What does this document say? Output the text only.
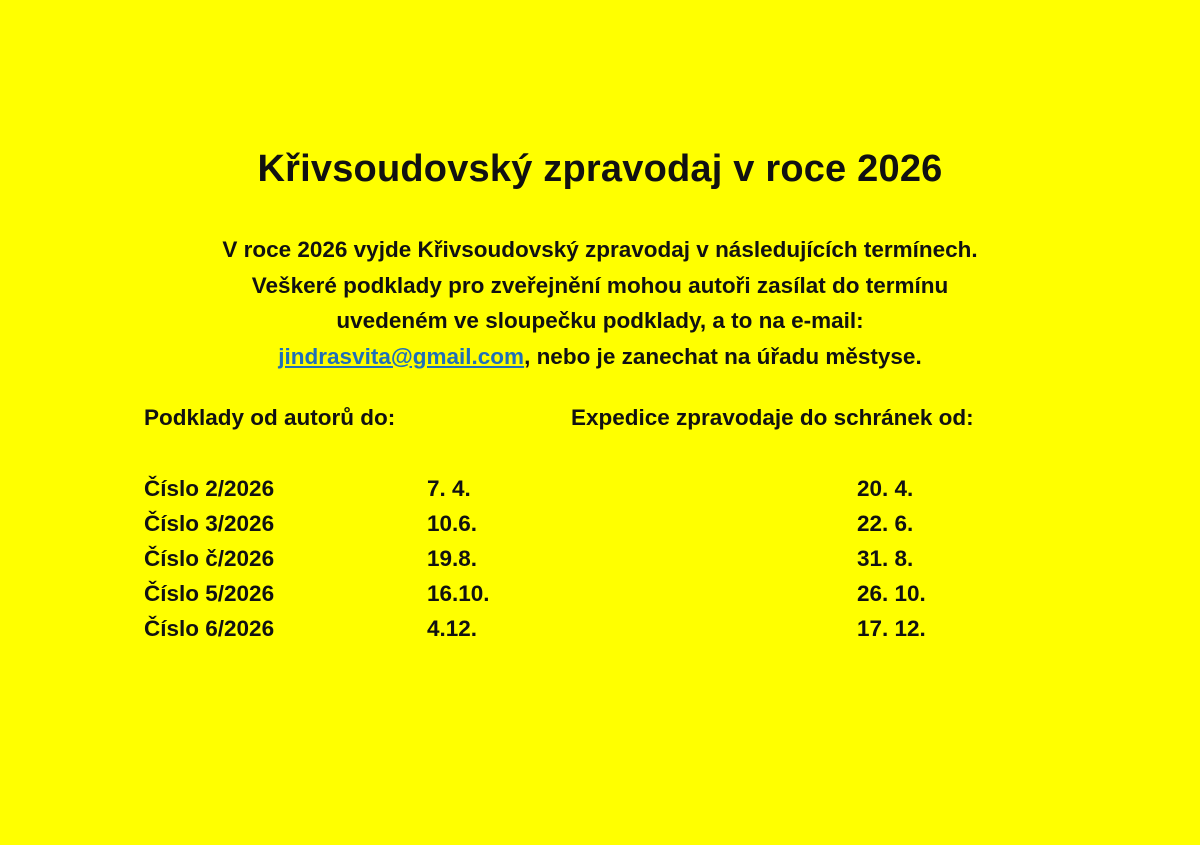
Křivsoudovský zpravodaj v roce 2026
V roce 2026 vyjde Křivsoudovský zpravodaj v následujících termínech.
Veškeré podklady pro zveřejnění mohou autoři zasílat do termínu
uvedeném ve sloupečku podklady, a to na e-mail:
jindrasvita@gmail.com, nebo je zanechat na úřadu městyse.
Podklady od autorů do:	Expedice zpravodaje do schránek od:
Číslo 2/2026	7. 4.	20. 4.
Číslo 3/2026	10.6.	22. 6.
Číslo č/2026	19.8.	31. 8.
Číslo 5/2026	16.10.	26. 10.
Číslo 6/2026	4.12.	17. 12.
